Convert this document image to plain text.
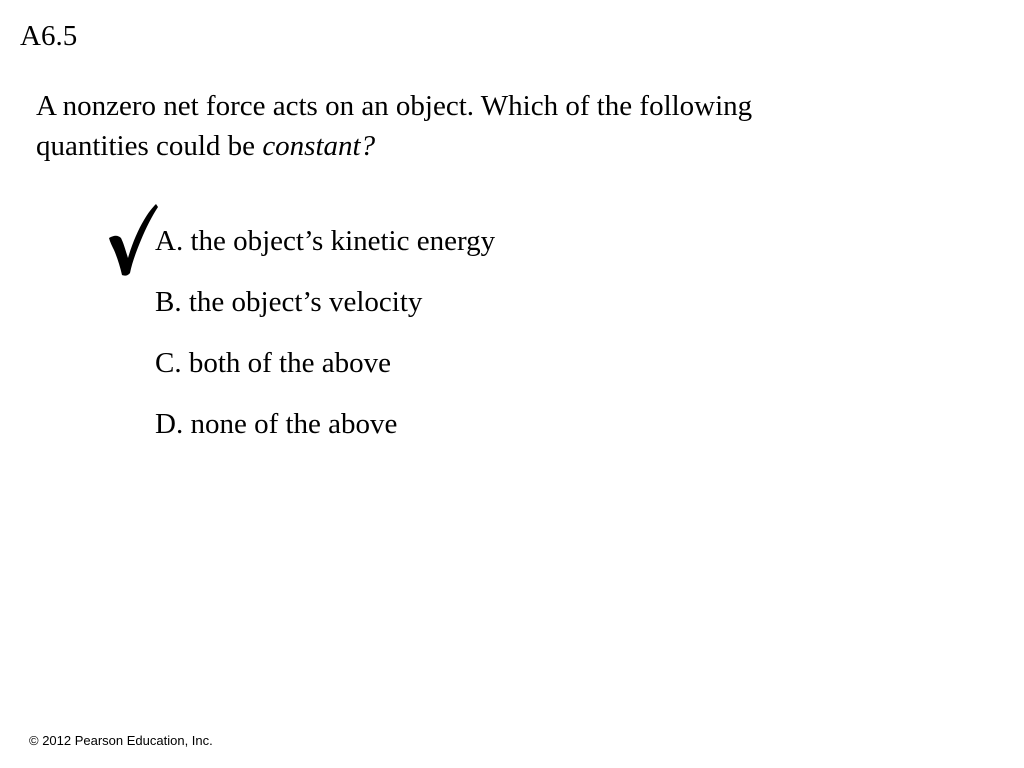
A6.5
A nonzero net force acts on an object. Which of the following
quantities could be constant?
A. the object’s kinetic energy
B. the object’s velocity
C. both of the above
D. none of the above
© 2012 Pearson Education, Inc.
